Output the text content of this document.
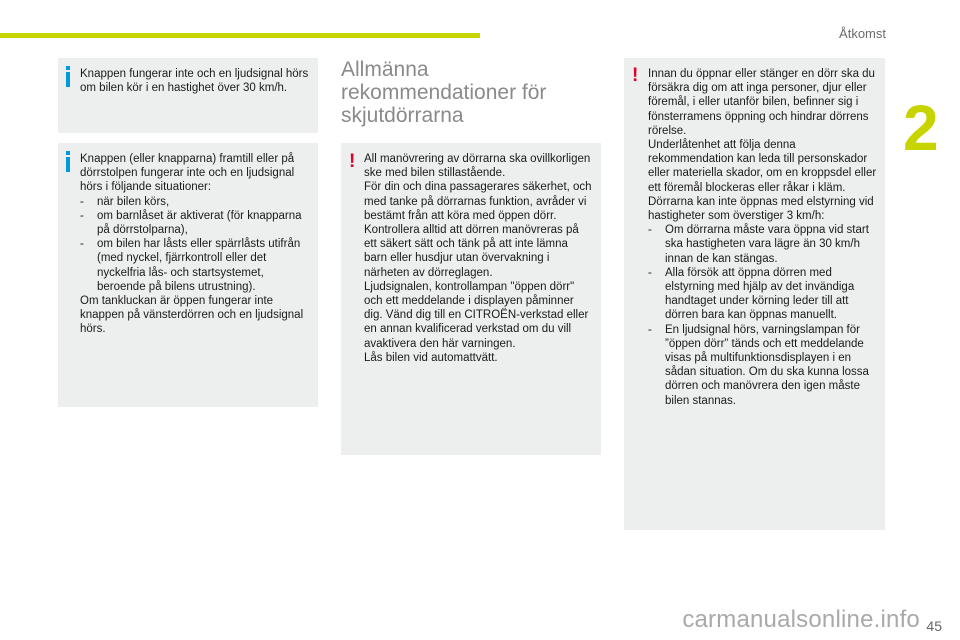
Åtkomst
2

Knappen fungerar inte och en ljudsignal hörs om bilen kör i en hastighet över 30 km/h.

Knappen (eller knapparna) framtill eller på dörrstolpen fungerar inte och en ljudsignal hörs i följande situationer:

- när bilen körs,
- om barnlåset är aktiverat (för knapparna på dörrstolparna),
- om bilen har låsts eller spärrlåsts utifrån (med nyckel, fjärrkontroll eller det nyckelfria lås- och startsystemet, beroende på bilens utrustning).

Om tankluckan är öppen fungerar inte knappen på vänsterdörren och en ljudsignal hörs.

Allmänna rekommendationer för skjutdörrarna
! All manövrering av dörrarna ska ovillkorligen ske med bilen stillastående.

För din och dina passagerares säkerhet, och med tanke på dörrarnas funktion, avråder vi bestämt från att köra med öppen dörr.

Kontrollera alltid att dörren manövreras på ett säkert sätt och tänk på att inte lämna barn eller husdjur utan övervakning i närheten av dörreglagen.

Ljudsignalen, kontrollampan "öppen dörr" och ett meddelande i displayen påminner dig. Vänd dig till en CITROËN-verkstad eller en annan kvalificerad verkstad om du vill avaktivera den här varningen.

Lås bilen vid automattvätt.

! Innan du öppnar eller stänger en dörr ska du försäkra dig om att inga personer, djur eller föremål, i eller utanför bilen, befinner sig i fönsterramens öppning och hindrar dörrens rörelse.

Underlåtenhet att följa denna rekommendation kan leda till personskador eller materiella skador, om en kroppsdel eller ett föremål blockeras eller råkar i kläm.

Dörrarna kan inte öppnas med elstyrning vid hastigheter som överstiger 3 km/h:

- Om dörrarna måste vara öppna vid start ska hastigheten vara lägre än 30 km/h innan de kan stängas.
- Alla försök att öppna dörren med elstyrning med hjälp av det invändiga handtaget under körning leder till att dörren bara kan öppnas manuellt.
- En ljudsignal hörs, varningslampan för ”öppen dörr” tänds och ett meddelande visas på multifunktionsdisplayen i en sådan situation. Om du ska kunna lossa dörren och manövrera den igen måste bilen stannas.
carmanualsonline.info 45
